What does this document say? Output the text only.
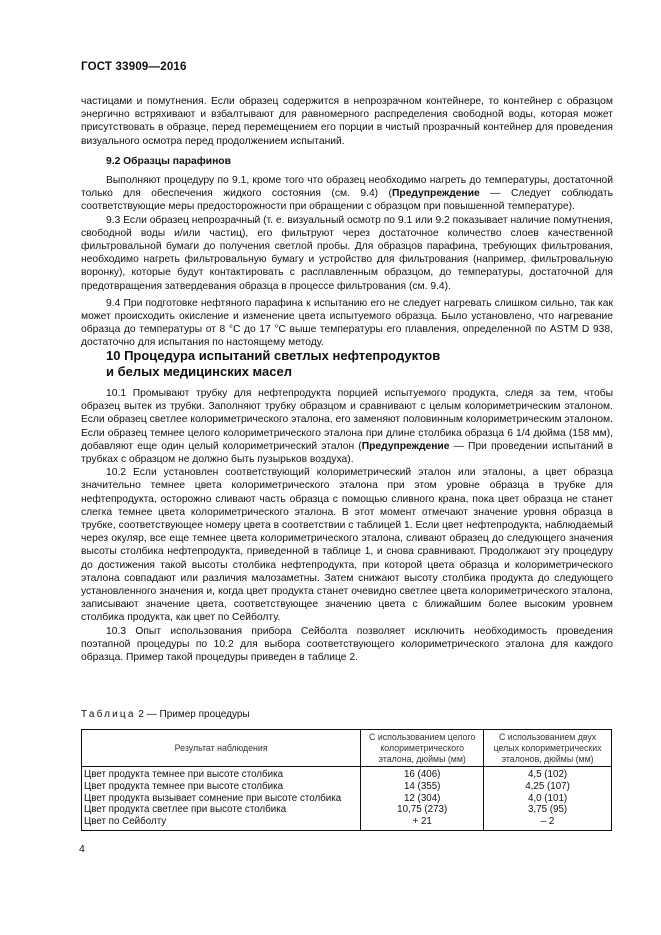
ГОСТ 33909—2016

частицами и помутнения. Если образец содержится в непрозрачном контейнере, то контейнер с образцом энергично встряхивают и взбалтывают для равномерного распределения свободной воды, которая может присутствовать в образце, перед перемещением его порции в чистый прозрачный контейнер для проведения визуального осмотра перед продолжением испытаний.

9.2 Образцы парафинов

Выполняют процедуру по 9.1, кроме того что образец необходимо нагреть до температуры, достаточной только для обеспечения жидкого состояния (см. 9.4) (Предупреждение — Следует соблюдать соответствующие меры предосторожности при обращении с образцом при повышенной температуре).

9.3 Если образец непрозрачный (т. е. визуальный осмотр по 9.1 или 9.2 показывает наличие помутнения, свободной воды и/или частиц), его фильтруют через достаточное количество слоев качественной фильтровальной бумаги до получения светлой пробы. Для образцов парафина, требующих фильтрования, необходимо нагреть фильтровальную бумагу и устройство для фильтрования (например, фильтровальную воронку), которые будут контактировать с расплавленным образцом, до температуры, достаточной для предотвращения затвердевания образца в процессе фильтрования (см. 9.4).

9.4 При подготовке нефтяного парафина к испытанию его не следует нагревать слишком сильно, так как может происходить окисление и изменение цвета испытуемого образца. Было установлено, что нагревание образца до температуры от 8 °С до 17 °С выше температуры его плавления, определенной по ASTM D 938, достаточно для испытания по настоящему методу.

10 Процедура испытаний светлых нефтепродуктов
и белых медицинских масел

10.1 Промывают трубку для нефтепродукта порцией испытуемого продукта, следя за тем, чтобы образец вытек из трубки. Заполняют трубку образцом и сравнивают с целым колориметрическим эталоном. Если образец светлее колориметрического эталона, его заменяют половинным колориметрическим эталоном. Если образец темнее целого колориметрического эталона при длине столбика образца 6 1/4 дюйма (158 мм), добавляют еще один целый колориметрический эталон (Предупреждение — При проведении испытаний в трубках с образцом не должно быть пузырьков воздуха).

10.2 Если установлен соответствующий колориметрический эталон или эталоны, а цвет образца значительно темнее цвета колориметрического эталона при этом уровне образца в трубке для нефтепродукта, осторожно сливают часть образца с помощью сливного крана, пока цвет образца не станет слегка темнее цвета колориметрического эталона. В этот момент отмечают значение уровня образца в трубке, соответствующее номеру цвета в соответствии с таблицей 1. Если цвет нефтепродукта, наблюдаемый через окуляр, все еще темнее цвета колориметрического эталона, сливают образец до следующего значения высоты столбика нефтепродукта, приведенной в таблице 1, и снова сравнивают. Продолжают эту процедуру до достижения такой высоты столбика нефтепродукта, при которой цвета образца и колориметрического эталона совпадают или различия малозаметны. Затем снижают высоту столбика продукта до следующего установленного значения и, когда цвет продукта станет очевидно светлее цвета колориметрического эталона, записывают значение цвета, соответствующее значению цвета с ближайшим более высоким уровнем столбика продукта, как цвет по Сейболту.

10.3 Опыт использования прибора Сейболта позволяет исключить необходимость проведения поэтапной процедуры по 10.2 для выбора соответствующего колориметрического эталона для каждого образца. Пример такой процедуры приведен в таблице 2.

Таблица 2 — Пример процедуры
Результат наблюдения	С использованием целого колориметрического эталона, дюймы (мм)	С использованием двух целых колориметрических эталонов, дюймы (мм)
Цвет продукта темнее при высоте столбика	16 (406)	4,5 (102)
Цвет продукта темнее при высоте столбика	14 (355)	4,25 (107)
Цвет продукта вызывает сомнение при высоте столбика	12 (304)	4,0 (101)
Цвет продукта светлее при высоте столбика	10,75 (273)	3,75 (95)
Цвет по Сейболту	+ 21	– 2
4
